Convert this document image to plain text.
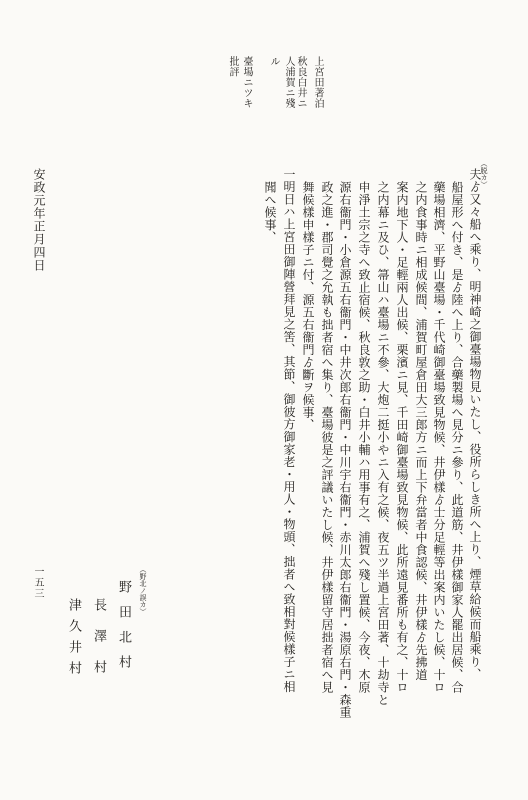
上宮田著泊
秋良白井ニ
人浦賀ニ殘
ル
臺場ニツキ
批評
（脱カ）
夫ゟ又々船へ乘り、明神崎之御臺場物見いたし、役所らしき所へ上り、煙草給候而船乘り、
船屋形へ付き、是ゟ陸へ上り、合藥製場へ見分ニ參り、此道筋、井伊樣御家人罷出居候、合
藥場相濟、平野山臺場・千代崎御臺場致見物候、井伊樣ゟ士分足輕等出案内いたし候、十ロ
之内食事時ニ相成候間、浦賀町屋倉田大三郎方ニ而上下弁當者中食認候、井伊樣ゟ先拂道
案内地下人・足輕兩人出候、栗濱ニ見、千田崎御臺場致見物候、此所遠見番所も有之、十ロ
之内幕ニ及ひ、箒山ハ臺場ニ不參、大炮二挺小やニ入有之候、夜五ツ半過上宮田著、十劫寺と
申淨土宗之寺へ致止宿候、秋良敦之助・白井小輔ハ用事有之、浦賀へ殘し置候、今夜、木原
源右衞門・小倉源五右衞門・中井次郎右衞門・中川宇右衞門・赤川太郎右衞門・湯原右門・森重
政之進・郡司覺之允執も拙者宿へ集り、臺場彼是之評議いたし候、井伊樣留守居拙者宿へ見
舞候樣申樣子ニ付、源五右衞門ゟ斷ヲ候事、
一明日ハ上宮田御陣營拜見之筈、其節、御彼方御家老・用人・物頭、拙者へ致相對候樣子ニ相
聞へ候事、
（野北ノ誤カ）
野田北村
長澤村
津久井村
安政元年正月四日
一五三
